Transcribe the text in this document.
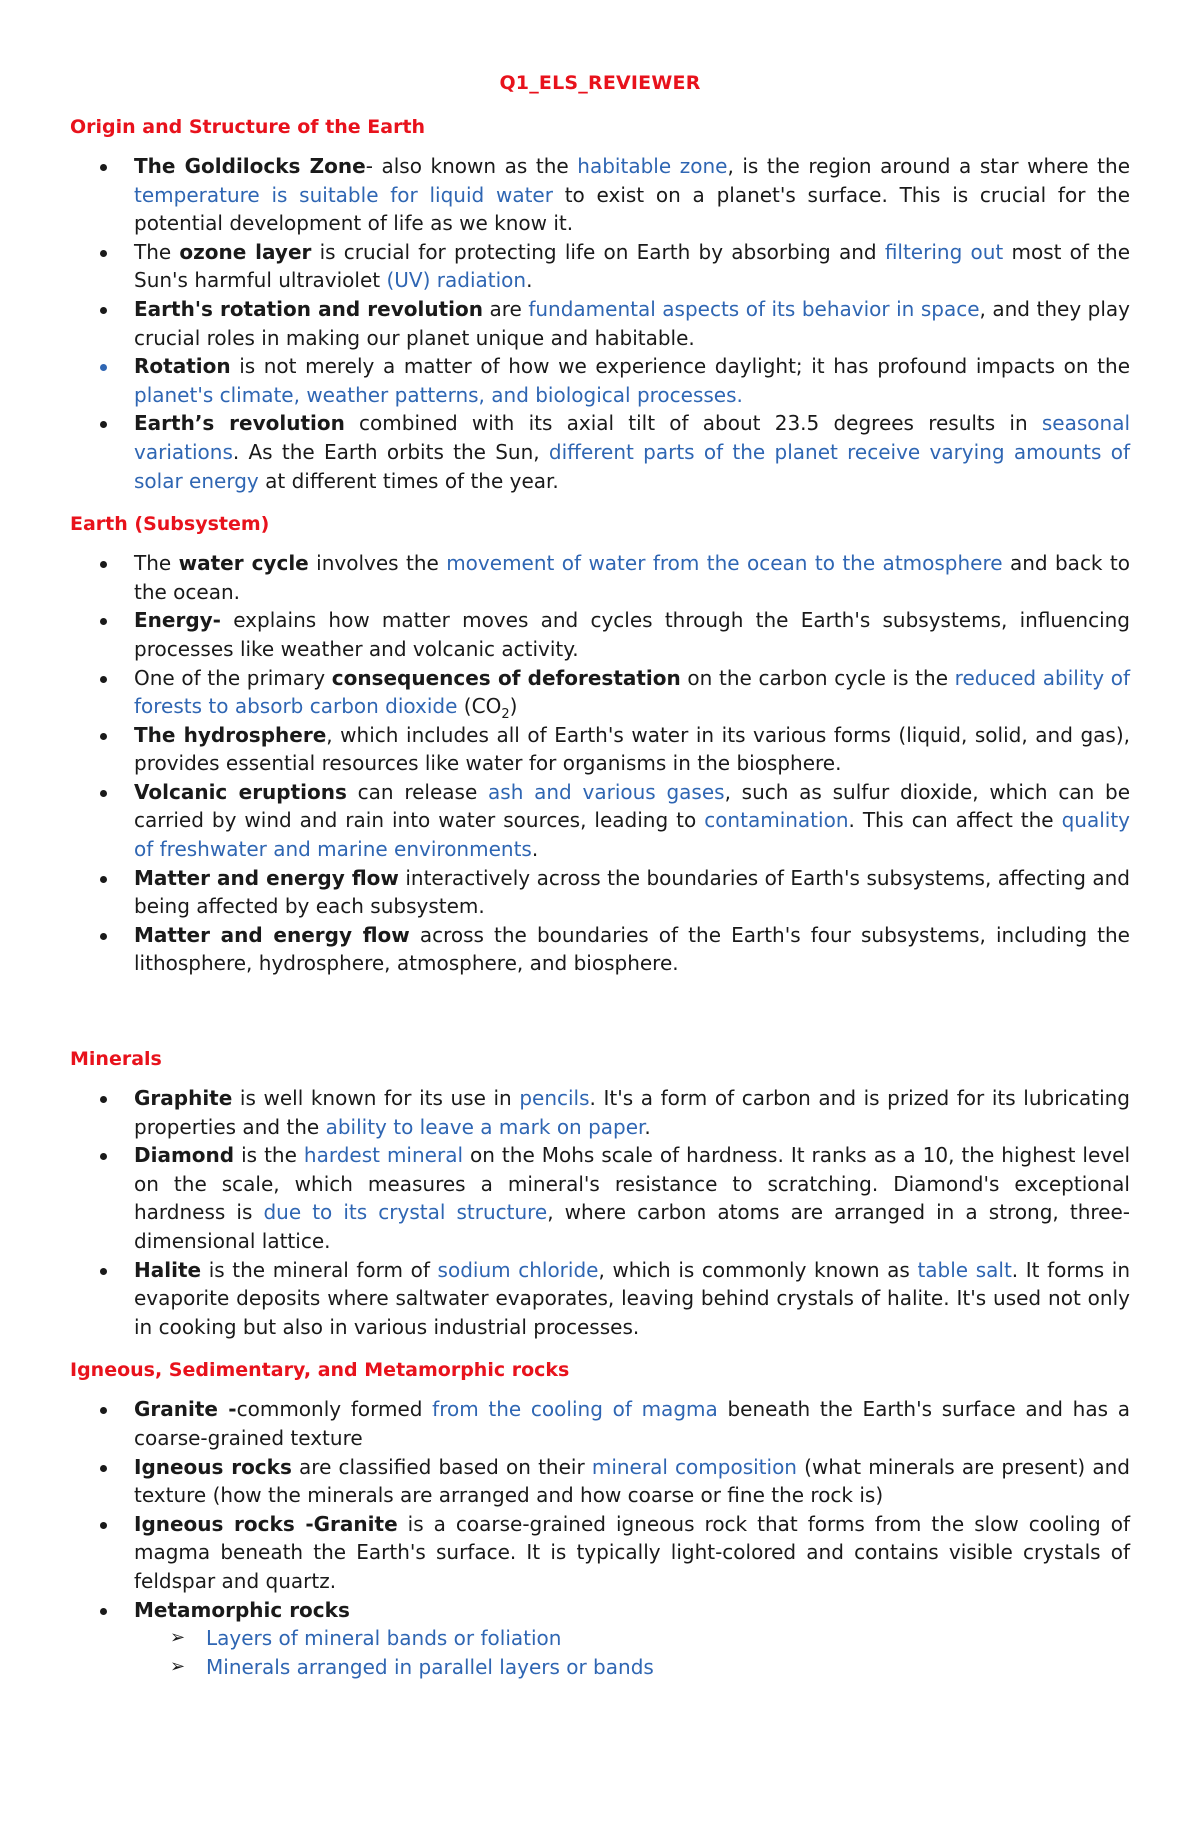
Q1_ELS_REVIEWER
Origin and Structure of the Earth
The Goldilocks Zone- also known as the habitable zone, is the region around a star where the temperature is suitable for liquid water to exist on a planet's surface. This is crucial for the potential development of life as we know it.
The ozone layer is crucial for protecting life on Earth by absorbing and filtering out most of the Sun's harmful ultraviolet (UV) radiation.
Earth's rotation and revolution are fundamental aspects of its behavior in space, and they play crucial roles in making our planet unique and habitable.
Rotation is not merely a matter of how we experience daylight; it has profound impacts on the planet's climate, weather patterns, and biological processes.
Earth’s revolution combined with its axial tilt of about 23.5 degrees results in seasonal variations. As the Earth orbits the Sun, different parts of the planet receive varying amounts of solar energy at different times of the year.
Earth (Subsystem)
The water cycle involves the movement of water from the ocean to the atmosphere and back to the ocean.
Energy- explains how matter moves and cycles through the Earth's subsystems, influencing processes like weather and volcanic activity.
One of the primary consequences of deforestation on the carbon cycle is the reduced ability of forests to absorb carbon dioxide $(CO_2)$
The hydrosphere, which includes all of Earth's water in its various forms (liquid, solid, and gas), provides essential resources like water for organisms in the biosphere.
Volcanic eruptions can release ash and various gases, such as sulfur dioxide, which can be carried by wind and rain into water sources, leading to contamination. This can affect the quality of freshwater and marine environments.
Matter and energy flow interactively across the boundaries of Earth's subsystems, affecting and being affected by each subsystem.
Matter and energy flow across the boundaries of the Earth's four subsystems, including the lithosphere, hydrosphere, atmosphere, and biosphere.
Minerals
Graphite is well known for its use in pencils. It's a form of carbon and is prized for its lubricating properties and the ability to leave a mark on paper.
Diamond is the hardest mineral on the Mohs scale of hardness. It ranks as a 10, the highest level on the scale, which measures a mineral's resistance to scratching. Diamond's exceptional hardness is due to its crystal structure, where carbon atoms are arranged in a strong, three-dimensional lattice.
Halite is the mineral form of sodium chloride, which is commonly known as table salt. It forms in evaporite deposits where saltwater evaporates, leaving behind crystals of halite. It's used not only in cooking but also in various industrial processes.
Igneous, Sedimentary, and Metamorphic rocks
Granite -commonly formed from the cooling of magma beneath the Earth's surface and has a coarse-grained texture
Igneous rocks are classified based on their mineral composition (what minerals are present) and texture (how the minerals are arranged and how coarse or fine the rock is)
Igneous rocks -Granite is a coarse-grained igneous rock that forms from the slow cooling of magma beneath the Earth's surface. It is typically light-colored and contains visible crystals of feldspar and quartz.
Metamorphic rocks
➢ Layers of mineral bands or foliation
➢ Minerals arranged in parallel layers or bands
